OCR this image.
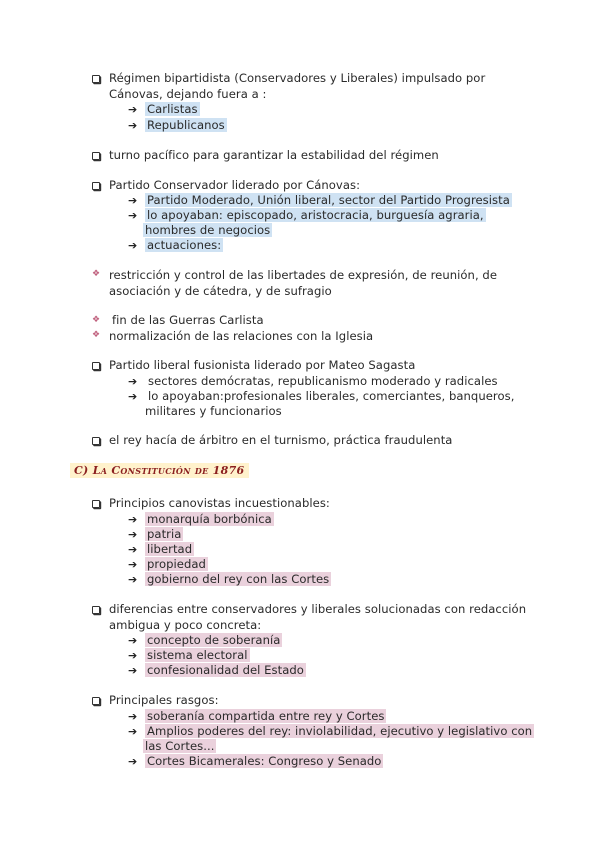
Régimen bipartidista (Conservadores y Liberales) impulsado por
Cánovas, dejando fuera a :
➔ Carlistas
➔ Republicanos
turno pacífico para garantizar la estabilidad del régimen
Partido Conservador liderado por Cánovas:
➔ Partido Moderado, Unión liberal, sector del Partido Progresista
➔ lo apoyaban: episcopado, aristocracia, burguesía agraria,
hombres de negocios
➔ actuaciones:
❖ restricción y control de las libertades de expresión, de reunión, de
asociación y de cátedra, y de sufragio
❖ fin de las Guerras Carlista
❖ normalización de las relaciones con la Iglesia
Partido liberal fusionista liderado por Mateo Sagasta
➔ sectores demócratas, republicanismo moderado y radicales
➔ lo apoyaban:profesionales liberales, comerciantes, banqueros,
militares y funcionarios
el rey hacía de árbitro en el turnismo, práctica fraudulenta
C) La Constitución de 1876
Principios canovistas incuestionables:
➔ monarquía borbónica
➔ patria
➔ libertad
➔ propiedad
➔ gobierno del rey con las Cortes
diferencias entre conservadores y liberales solucionadas con redacción
ambigua y poco concreta:
➔ concepto de soberanía
➔ sistema electoral
➔ confesionalidad del Estado
Principales rasgos:
➔ soberanía compartida entre rey y Cortes
➔ Amplios poderes del rey: inviolabilidad, ejecutivo y legislativo con
las Cortes...
➔ Cortes Bicamerales: Congreso y Senado
